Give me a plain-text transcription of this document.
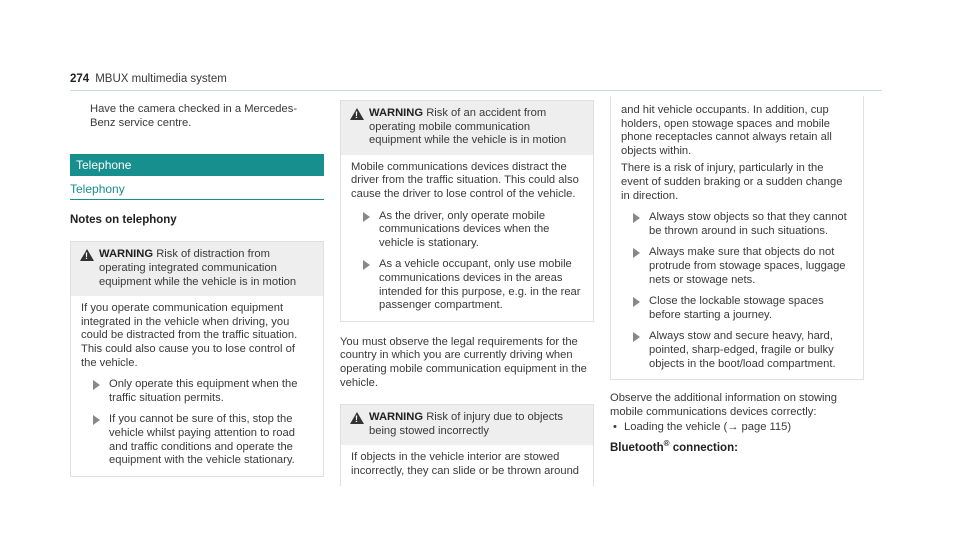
274 MBUX multimedia system
Have the camera checked in a Mercedes-Benz service centre.
Telephone
Telephony
Notes on telephony
! WARNING Risk of distraction from operating integrated communication equipment while the vehicle is in motion
If you operate communication equipment integrated in the vehicle when driving, you could be distracted from the traffic situation. This could also cause you to lose control of the vehicle.
Only operate this equipment when the traffic situation permits.
If you cannot be sure of this, stop the vehicle whilst paying attention to road and traffic conditions and operate the equipment with the vehicle stationary.
! WARNING Risk of an accident from operating mobile communication equipment while the vehicle is in motion
Mobile communications devices distract the driver from the traffic situation. This could also cause the driver to lose control of the vehicle.
As the driver, only operate mobile communications devices when the vehicle is stationary.
As a vehicle occupant, only use mobile communications devices in the areas intended for this purpose, e.g. in the rear passenger compartment.
You must observe the legal requirements for the country in which you are currently driving when operating mobile communication equipment in the vehicle.
! WARNING Risk of injury due to objects being stowed incorrectly
If objects in the vehicle interior are stowed incorrectly, they can slide or be thrown around
and hit vehicle occupants. In addition, cup holders, open stowage spaces and mobile phone receptacles cannot always retain all objects within.
There is a risk of injury, particularly in the event of sudden braking or a sudden change in direction.
Always stow objects so that they cannot be thrown around in such situations.
Always make sure that objects do not protrude from stowage spaces, luggage nets or stowage nets.
Close the lockable stowage spaces before starting a journey.
Always stow and secure heavy, hard, pointed, sharp-edged, fragile or bulky objects in the boot/load compartment.
Observe the additional information on stowing mobile communications devices correctly:
• Loading the vehicle (→ page 115)
Bluetooth® connection:
